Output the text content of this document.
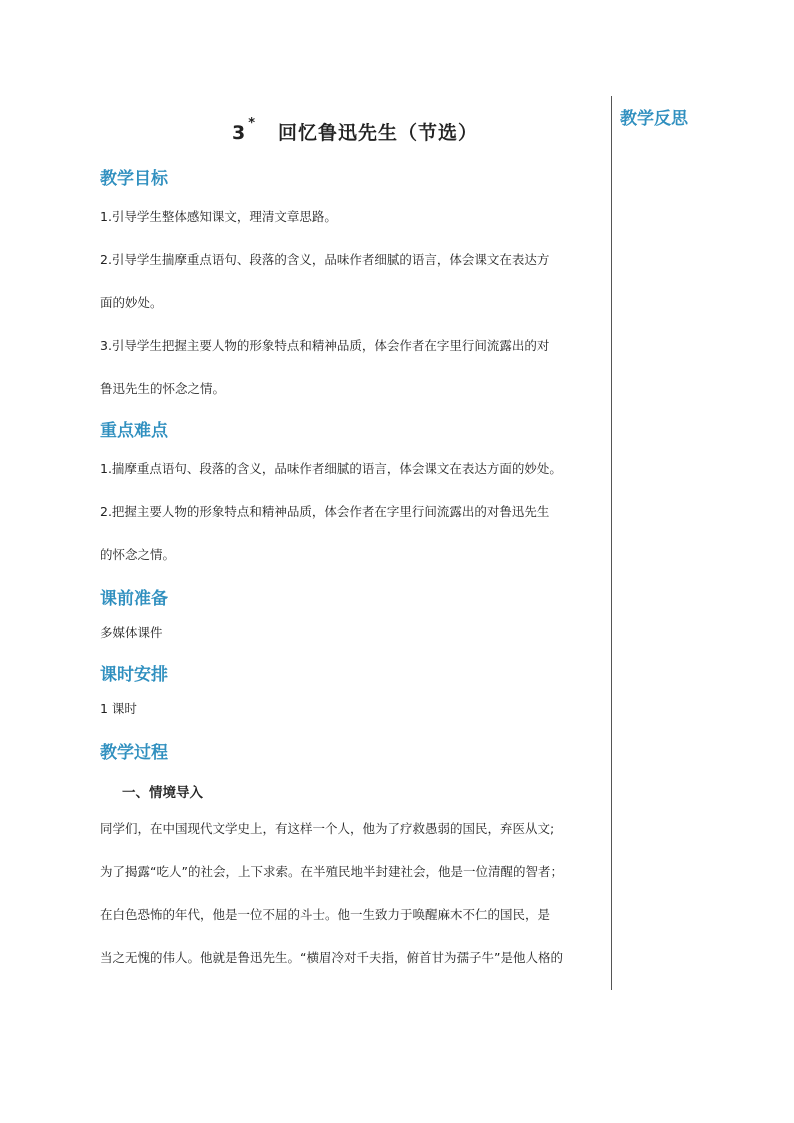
教学反思
3 * 回忆鲁迅先生（节选）
教学目标

1.引导学生整体感知课文，理清文章思路。

2.引导学生揣摩重点语句、段落的含义，品味作者细腻的语言，体会课文在表达方

面的妙处。

3.引导学生把握主要人物的形象特点和精神品质，体会作者在字里行间流露出的对

鲁迅先生的怀念之情。

重点难点

1.揣摩重点语句、段落的含义，品味作者细腻的语言，体会课文在表达方面的妙处。

2.把握主要人物的形象特点和精神品质，体会作者在字里行间流露出的对鲁迅先生

的怀念之情。

课前准备

多媒体课件

课时安排

1 课时

教学过程

一、情境导入

同学们，在中国现代文学史上，有这样一个人，他为了疗救愚弱的国民，弃医从文;

为了揭露“吃人”的社会，上下求索。在半殖民地半封建社会，他是一位清醒的智者；

在白色恐怖的年代，他是一位不屈的斗士。他一生致力于唤醒麻木不仁的国民，是

当之无愧的伟人。他就是鲁迅先生。“横眉冷对千夫指，俯首甘为孺子牛”是他人格的
